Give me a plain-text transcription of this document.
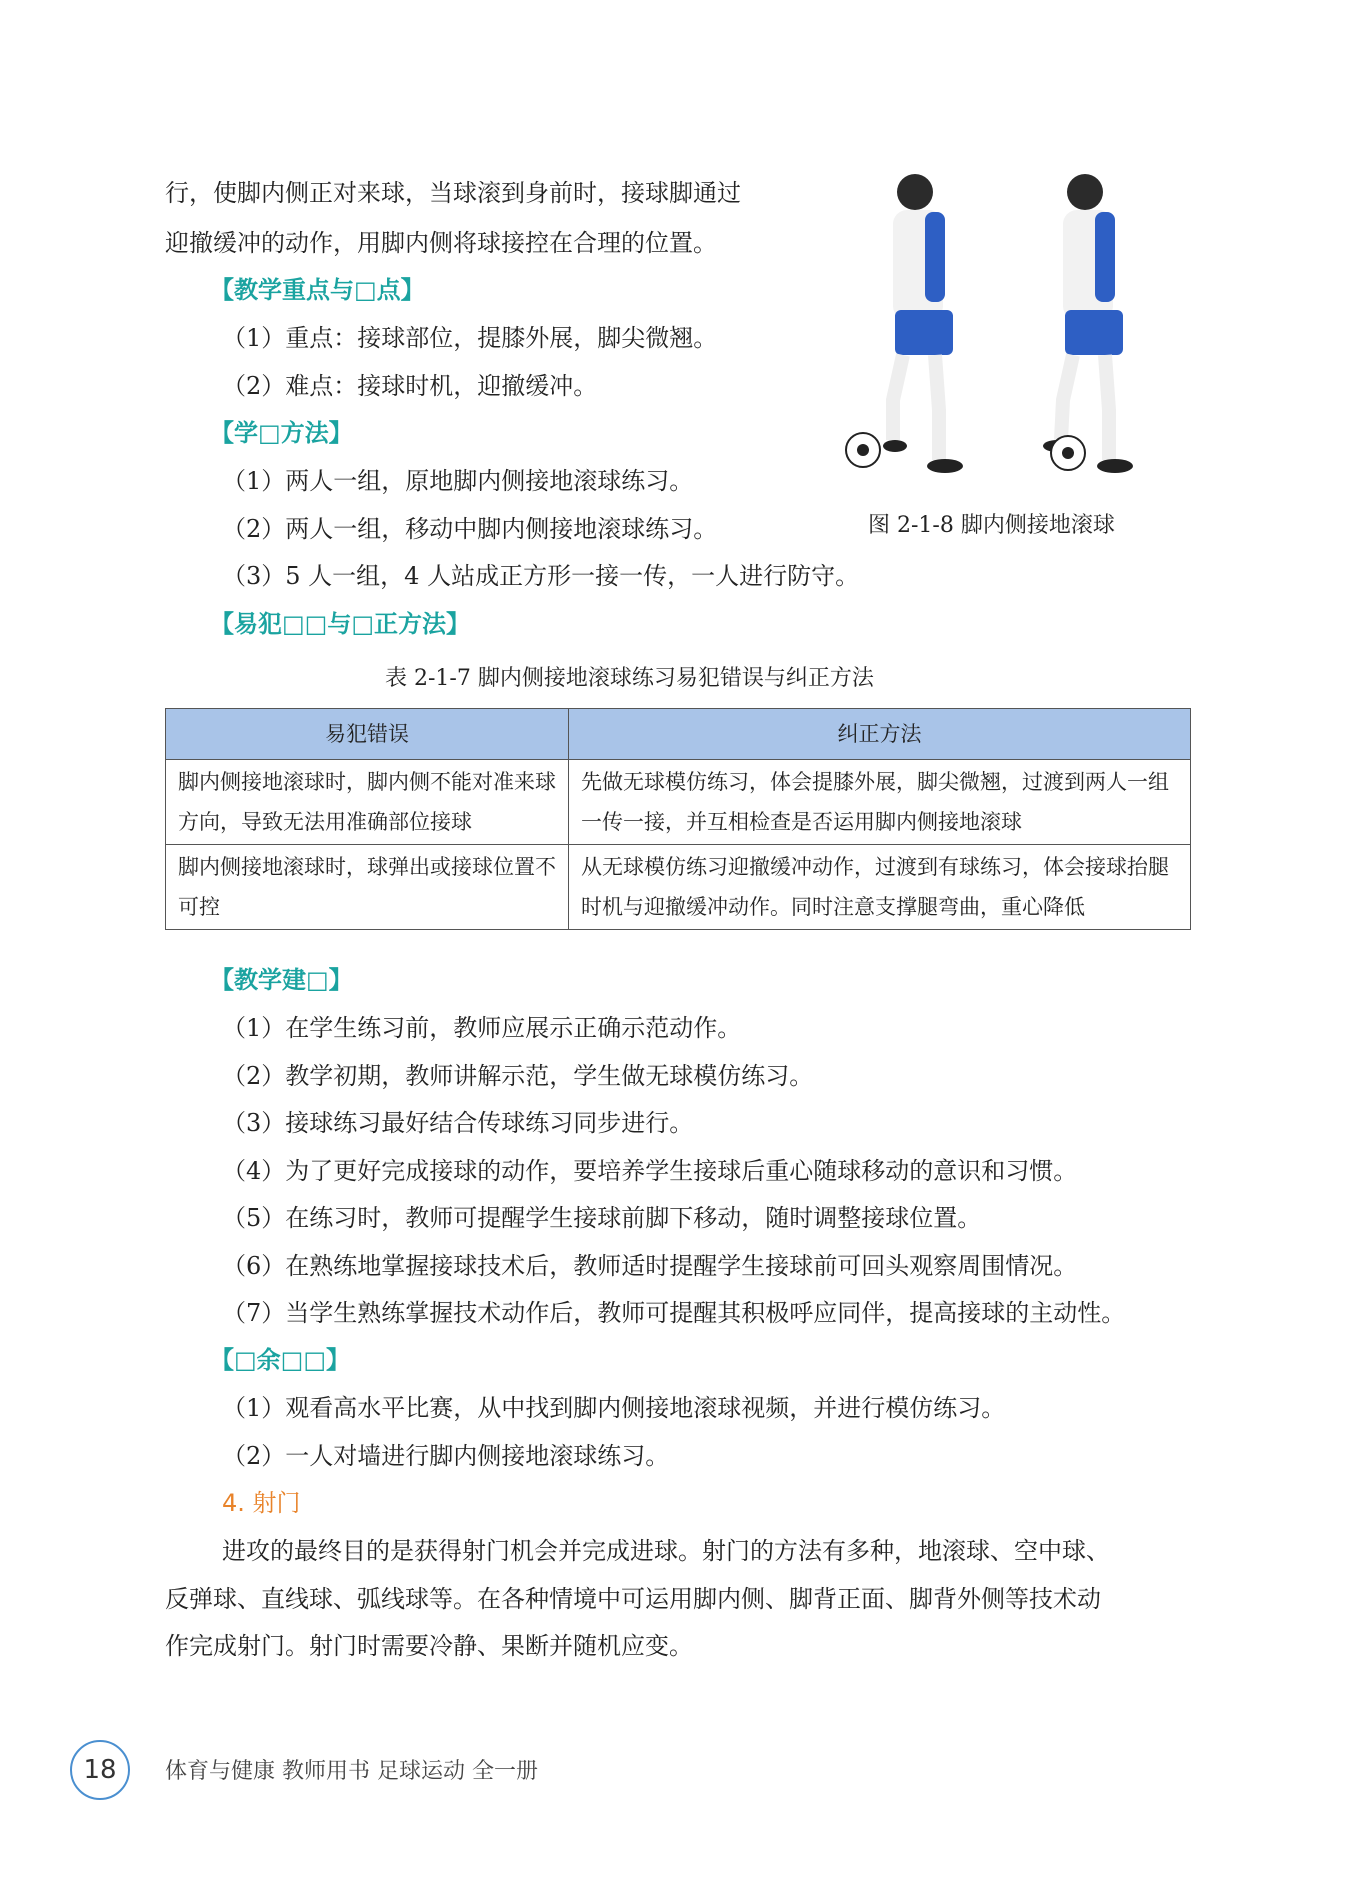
行，使脚内侧正对来球，当球滚到身前时，接球脚通过
迎撤缓冲的动作，用脚内侧将球接控在合理的位置。
【教学重点与□点】
（1）重点：接球部位，提膝外展，脚尖微翘。
（2）难点：接球时机，迎撤缓冲。
【学□方法】
（1）两人一组，原地脚内侧接地滚球练习。
（2）两人一组，移动中脚内侧接地滚球练习。
（3）5 人一组，4 人站成正方形一接一传，一人进行防守。
【易犯□□与□正方法】
图 2-1-8 脚内侧接地滚球
表 2-1-7 脚内侧接地滚球练习易犯错误与纠正方法
易犯错误	纠正方法
脚内侧接地滚球时，脚内侧不能对准来球方向，导致无法用准确部位接球	先做无球模仿练习，体会提膝外展，脚尖微翘，过渡到两人一组一传一接，并互相检查是否运用脚内侧接地滚球
脚内侧接地滚球时，球弹出或接球位置不可控	从无球模仿练习迎撤缓冲动作，过渡到有球练习，体会接球抬腿时机与迎撤缓冲动作。同时注意支撑腿弯曲，重心降低
【教学建□】
（1）在学生练习前，教师应展示正确示范动作。
（2）教学初期，教师讲解示范，学生做无球模仿练习。
（3）接球练习最好结合传球练习同步进行。
（4）为了更好完成接球的动作，要培养学生接球后重心随球移动的意识和习惯。
（5）在练习时，教师可提醒学生接球前脚下移动，随时调整接球位置。
（6）在熟练地掌握接球技术后，教师适时提醒学生接球前可回头观察周围情况。
（7）当学生熟练掌握技术动作后，教师可提醒其积极呼应同伴，提高接球的主动性。
【□余□□】
（1）观看高水平比赛，从中找到脚内侧接地滚球视频，并进行模仿练习。
（2）一人对墙进行脚内侧接地滚球练习。
4. 射门
进攻的最终目的是获得射门机会并完成进球。射门的方法有多种，地滚球、空中球、
反弹球、直线球、弧线球等。在各种情境中可运用脚内侧、脚背正面、脚背外侧等技术动
作完成射门。射门时需要冷静、果断并随机应变。
18	体育与健康 教师用书 足球运动 全一册
